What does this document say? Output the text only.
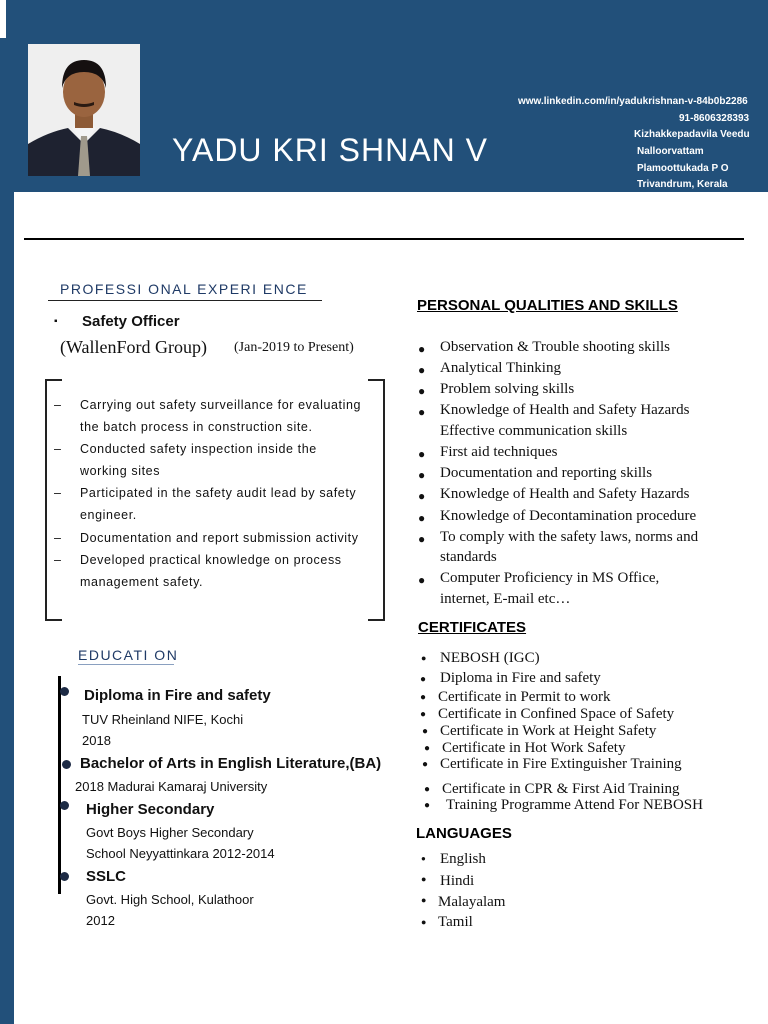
YADU KRI SHNAN V
www.linkedin.com/in/yadukrishnan-v-84b0b2286
91-8606328393
Kizhakkepadavila Veedu
Nalloorvattam
Plamoottukada P O
Trivandrum, Kerala
PROFESSI ONAL EXPERI ENCE
▪ Safety Officer
(WallenFord Group) (Jan-2019 to Present)
– Carrying out safety surveillance for evaluating
the batch process in construction site.
– Conducted safety inspection inside the
working sites
– Participated in the safety audit lead by safety
engineer.
– Documentation and report submission activity
– Developed practical knowledge on process
management safety.
EDUCATI ON
Diploma in Fire and safety
TUV Rheinland NIFE, Kochi
2018
Bachelor of Arts in English Literature,(BA)
2018 Madurai Kamaraj University
Higher Secondary
Govt Boys Higher Secondary
School Neyyattinkara 2012-2014
SSLC
Govt. High School, Kulathoor
2012
PERSONAL QUALITIES AND SKILLS
● Observation & Trouble shooting skills
● Analytical Thinking
● Problem solving skills
● Knowledge of Health and Safety Hazards
Effective communication skills
● First aid techniques
● Documentation and reporting skills
● Knowledge of Health and Safety Hazards
● Knowledge of Decontamination procedure
● To comply with the safety laws, norms and
standards
● Computer Proficiency in MS Office,
internet, E-mail etc…
CERTIFICATES
● NEBOSH (IGC)
● Diploma in Fire and safety
● Certificate in Permit to work
● Certificate in Confined Space of Safety
● Certificate in Work at Height Safety
● Certificate in Hot Work Safety
● Certificate in Fire Extinguisher Training
● Certificate in CPR & First Aid Training
● Training Programme Attend For NEBOSH
LANGUAGES
● English
● Hindi
● Malayalam
● Tamil
